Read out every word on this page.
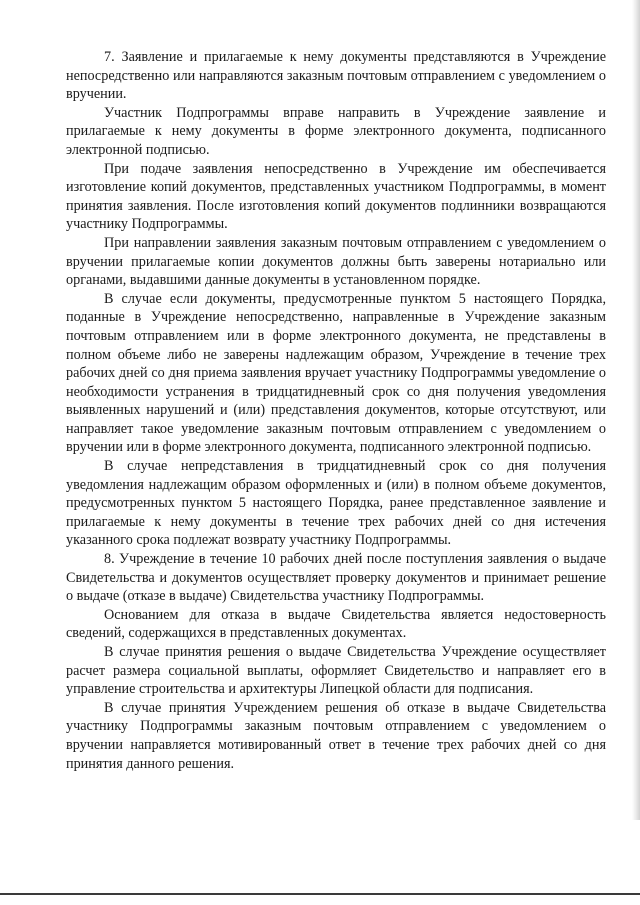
7. Заявление и прилагаемые к нему документы представляются в Учреждение непосредственно или направляются заказным почтовым отправлением с уведомлением о вручении.

Участник Подпрограммы вправе направить в Учреждение заявление и прилагаемые к нему документы в форме электронного документа, подписанного электронной подписью.

При подаче заявления непосредственно в Учреждение им обеспечивается изготовление копий документов, представленных участником Подпрограммы, в момент принятия заявления. После изготовления копий документов подлинники возвращаются участнику Подпрограммы.

При направлении заявления заказным почтовым отправлением с уведомлением о вручении прилагаемые копии документов должны быть заверены нотариально или органами, выдавшими данные документы в установленном порядке.

В случае если документы, предусмотренные пунктом 5 настоящего Порядка, поданные в Учреждение непосредственно, направленные в Учреждение заказным почтовым отправлением или в форме электронного документа, не представлены в полном объеме либо не заверены надлежащим образом, Учреждение в течение трех рабочих дней со дня приема заявления вручает участнику Подпрограммы уведомление о необходимости устранения в тридцатидневный срок со дня получения уведомления выявленных нарушений и (или) представления документов, которые отсутствуют, или направляет такое уведомление заказным почтовым отправлением с уведомлением о вручении или в форме электронного документа, подписанного электронной подписью.

В случае непредставления в тридцатидневный срок со дня получения уведомления надлежащим образом оформленных и (или) в полном объеме документов, предусмотренных пунктом 5 настоящего Порядка, ранее представленное заявление и прилагаемые к нему документы в течение трех рабочих дней со дня истечения указанного срока подлежат возврату участнику Подпрограммы.

8. Учреждение в течение 10 рабочих дней после поступления заявления о выдаче Свидетельства и документов осуществляет проверку документов и принимает решение о выдаче (отказе в выдаче) Свидетельства участнику Подпрограммы.

Основанием для отказа в выдаче Свидетельства является недостоверность сведений, содержащихся в представленных документах.

В случае принятия решения о выдаче Свидетельства Учреждение осуществляет расчет размера социальной выплаты, оформляет Свидетельство и направляет его в управление строительства и архитектуры Липецкой области для подписания.

В случае принятия Учреждением решения об отказе в выдаче Свидетельства участнику Подпрограммы заказным почтовым отправлением с уведомлением о вручении направляется мотивированный ответ в течение трех рабочих дней со дня принятия данного решения.
